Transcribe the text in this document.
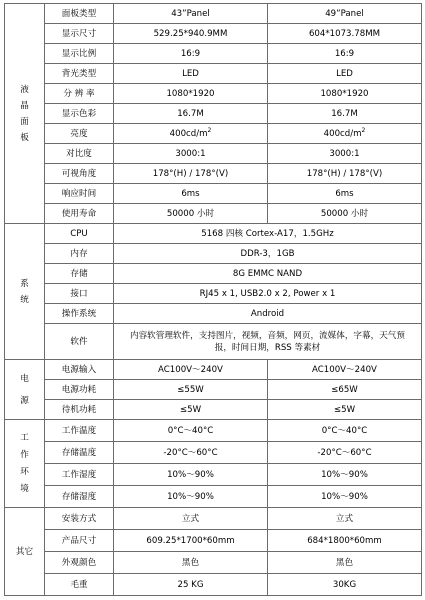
液
晶
面
板	面板类型	43”Panel	49”Panel
	显示尺寸	529.25*940.9MM	604*1073.78MM
	显示比例	16:9	16:9
	背光类型	LED	LED
	分 辨 率	1080*1920	1080*1920
	显示色彩	16.7M	16.7M
	亮度	$400cd/m^2$	$400cd/m^2$
	对比度	3000:1	3000:1
	可视角度	178°(H) / 178°(V)	178°(H) / 178°(V)
	响应时间	6ms	6ms
	使用寿命	50000 小时	50000 小时

系
统	CPU	5168 四核 Cortex-A17，1.5GHz	
	内存	DDR-3，1GB	
	存储	8G EMMC NAND	
	接口	RJ45 x 1, USB2.0 x 2, Power x 1	
	操作系统	Android	
	软件	内容软管理软件，支持图片，视频，音频，网页，流媒体，字幕，天气预报，时间日期，RSS 等素材	

电
源	电源输入	AC100V～240V	AC100V～240V
	电源功耗	≤55W	≤65W
	待机功耗	≤5W	≤5W

工
作
环
境	工作温度	0°C～40°C	0°C～40°C
	存储温度	-20°C～60°C	-20°C～60°C
	工作湿度	10%～90%	10%～90%
	存储湿度	10%～90%	10%～90%

其它	安装方式	立式	立式
	产品尺寸	609.25*1700*60mm	684*1800*60mm
	外观颜色	黑色	黑色
	毛重	25 KG	30KG
